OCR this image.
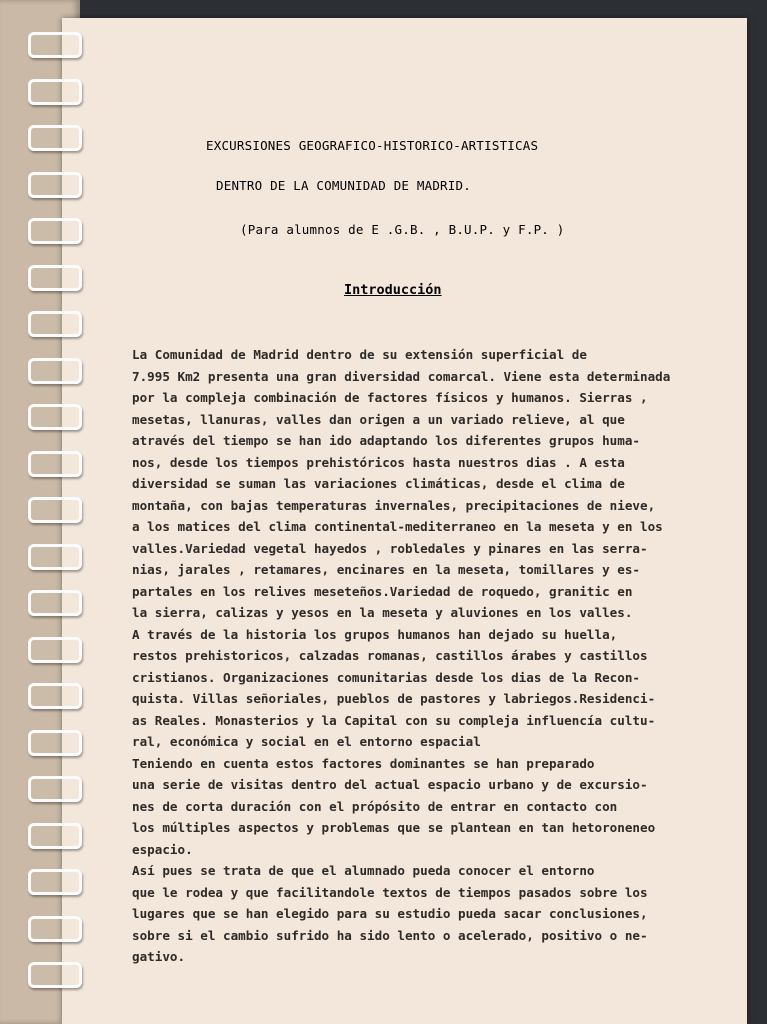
EXCURSIONES GEOGRAFICO-HISTORICO-ARTISTICAS

DENTRO DE LA COMUNIDAD DE MADRID.

(Para alumnos de E .G.B. , B.U.P. y F.P. )

Introducción
La Comunidad de Madrid dentro de su extensión superficial de
7.995 Km2 presenta una gran diversidad comarcal. Viene esta determinada
por la compleja combinación de factores físicos y humanos. Sierras ,
mesetas, llanuras, valles dan origen a un variado relieve, al que
através del tiempo se han ido adaptando los diferentes grupos huma-
nos, desde los tiempos prehistóricos hasta nuestros dias . A esta
diversidad se suman las variaciones climáticas, desde el clima de
montaña, con bajas temperaturas invernales, precipitaciones de nieve,
a los matices del clima continental-mediterraneo en la meseta y en los
valles.Variedad vegetal hayedos , robledales y pinares en las serra-
nias, jarales , retamares, encinares en la meseta, tomillares y es-
partales en los relives meseteños.Variedad de roquedo, granitic en
la sierra, calizas y yesos en la meseta y aluviones en los valles.
A través de la historia los grupos humanos han dejado su huella,
restos prehistoricos, calzadas romanas, castillos árabes y castillos
cristianos. Organizaciones comunitarias desde los dias de la Recon-
quista. Villas señoriales, pueblos de pastores y labriegos.Residenci-
as Reales. Monasterios y la Capital con su compleja influencía cultu-
ral, económica y social en el entorno espacial
Teniendo en cuenta estos factores dominantes se han preparado
una serie de visitas dentro del actual espacio urbano y de excursio-
nes de corta duración con el própósito de entrar en contacto con
los múltiples aspectos y problemas que se plantean en tan hetoroneneo
espacio.
Así pues se trata de que el alumnado pueda conocer el entorno
que le rodea y que facilitandole textos de tiempos pasados sobre los
lugares que se han elegido para su estudio pueda sacar conclusiones,
sobre si el cambio sufrido ha sido lento o acelerado, positivo o ne-
gativo.
